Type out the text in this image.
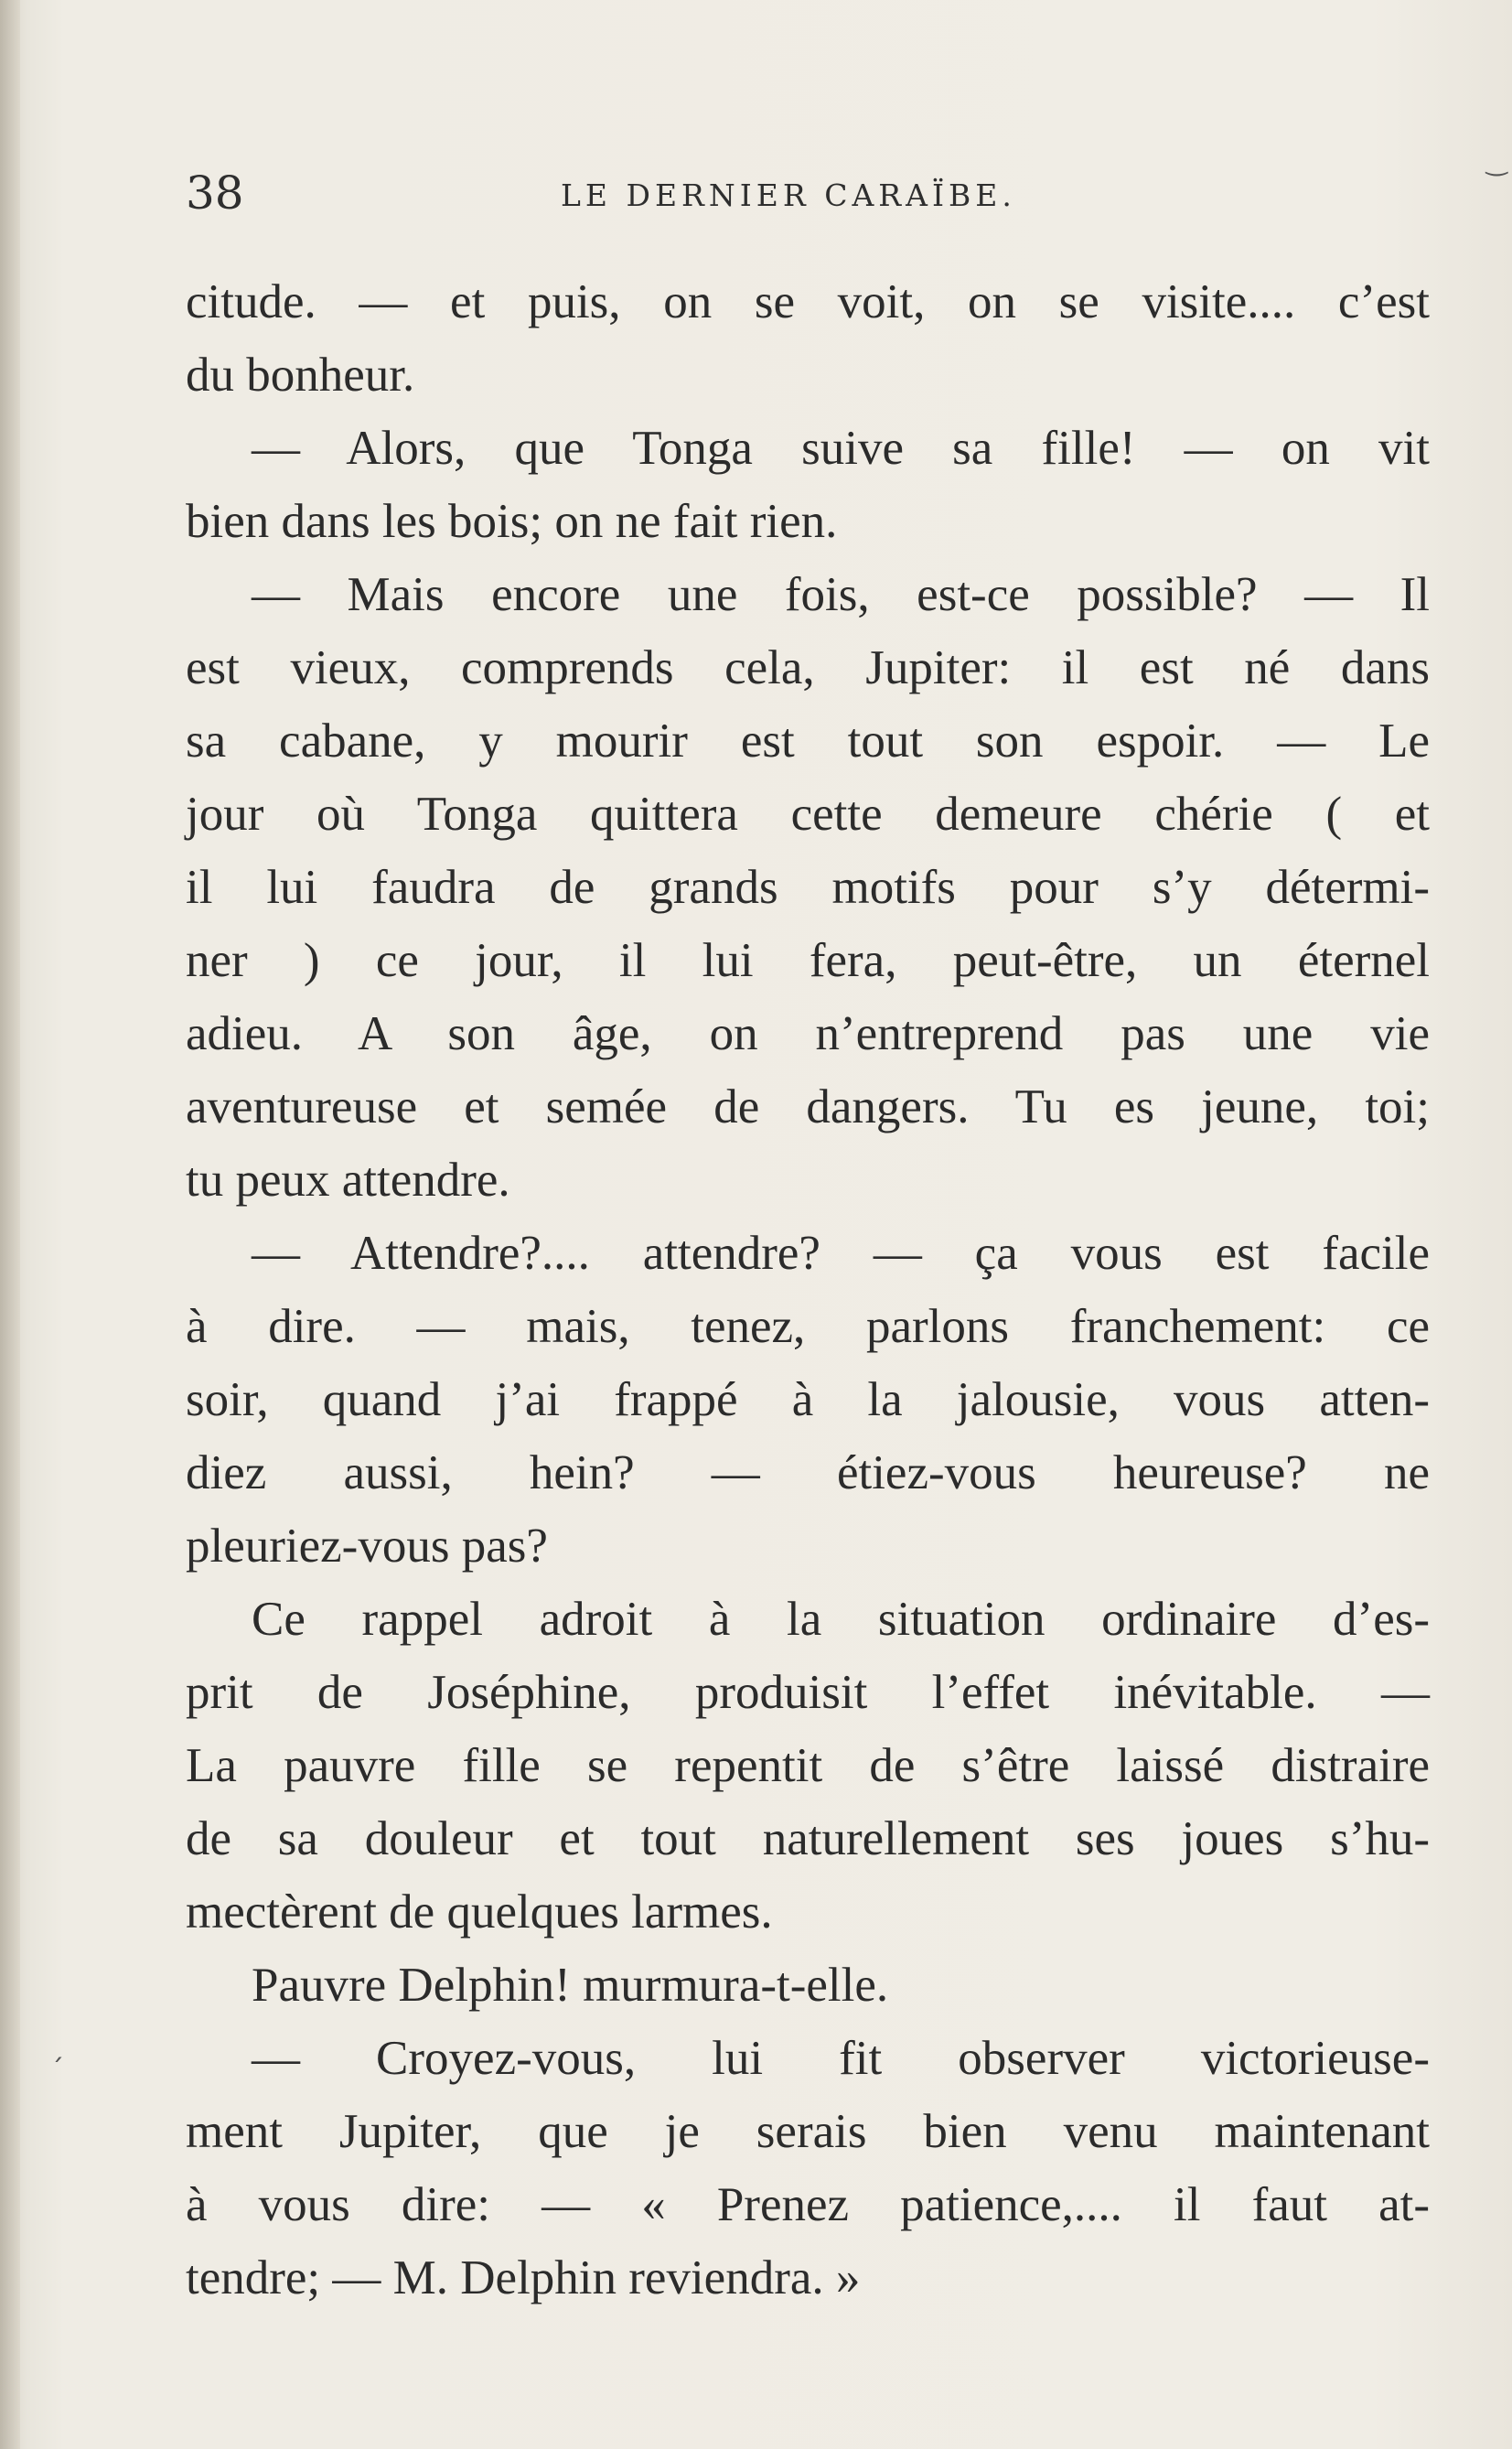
38	LE DERNIER CARAÏBE.
citude. — et puis, on se voit, on se visite.... c’est
du bonheur.
— Alors, que Tonga suive sa fille! — on vit
bien dans les bois; on ne fait rien.
— Mais encore une fois, est-ce possible? — Il
est vieux, comprends cela, Jupiter: il est né dans
sa cabane, y mourir est tout son espoir. — Le
jour où Tonga quittera cette demeure chérie ( et
il lui faudra de grands motifs pour s’y détermi-
ner ) ce jour, il lui fera, peut-être, un éternel
adieu. A son âge, on n’entreprend pas une vie
aventureuse et semée de dangers. Tu es jeune, toi;
tu peux attendre.
— Attendre?.... attendre? — ça vous est facile
à dire. — mais, tenez, parlons franchement: ce
soir, quand j’ai frappé à la jalousie, vous atten-
diez aussi, hein? — étiez-vous heureuse? ne
pleuriez-vous pas?
Ce rappel adroit à la situation ordinaire d’es-
prit de Joséphine, produisit l’effet inévitable. —
La pauvre fille se repentit de s’être laissé distraire
de sa douleur et tout naturellement ses joues s’hu-
mectèrent de quelques larmes.
Pauvre Delphin! murmura-t-elle.
— Croyez-vous, lui fit observer victorieuse-
ment Jupiter, que je serais bien venu maintenant
à vous dire: — « Prenez patience,.... il faut at-
tendre; — M. Delphin reviendra. »
ˏ
‿
